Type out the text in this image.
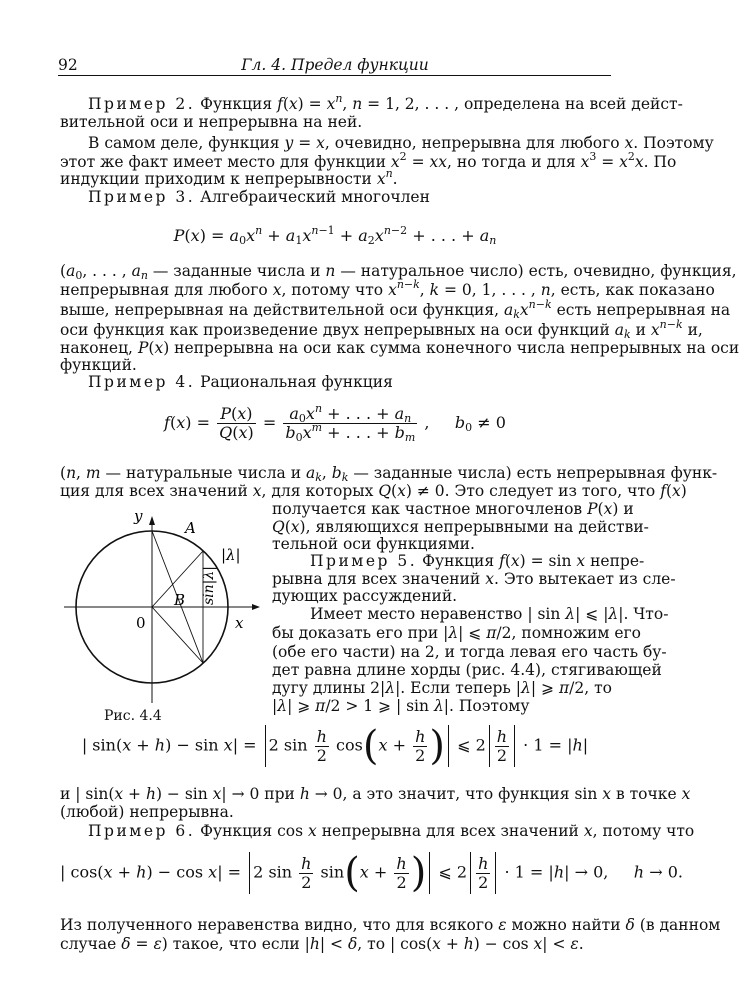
92	Гл. 4. Предел функции
Пример 2. Функция $f(x) = x^n$, n = 1, 2, . . . , определена на всей дейст-
вительной оси и непрерывна на ней.
В самом деле, функция y = x, очевидно, непрерывна для любого x. Поэтому
этот же факт имеет место для функции $x^2$ = xx, но тогда и для $x^3 = x^2x$. По
индукции приходим к непрерывности $x^n$.
Пример 3. Алгебраический многочлен
$P(x) = a_0x^n + a_1x^{n-1} + a_2x^{n-2}$ + . . . + $a_n$
($a_0$, . . . , $a_n$ — заданные числа и n — натуральное число) есть, очевидно, функция,
непрерывная для любого x, потому что $x^{n-k}$, k = 0, 1, . . . , n, есть, как показано
выше, непрерывная на действительной оси функция, $a_kx^{n-k}$ есть непрерывная на
оси функция как произведение двух непрерывных на оси функций $a_k$ и $x^{n-k}$ и,
наконец, P(x) непрерывна на оси как сумма конечного числа непрерывных на оси
функций.
Пример 4. Рациональная функция
$f(x) = \frac{P(x)}{Q(x)} = \frac{a_0x^n + . . . + a_n}{b_0x^m + . . . + b_m}$ ,     $b_0 \ne 0$
(n, m — натуральные числа и $a_k$, $b_k$ — заданные числа) есть непрерывная функ-
ция для всех значений x, для которых Q(x) ≠ 0. Это следует из того, что f(x)
получается как частное многочленов P(x) и
Q(x), являющихся непрерывными на действи-
тельной оси функциями.
Пример 5. Функция f(x) = sin x непре-
рывна для всех значений x. Это вытекает из сле-
дующих рассуждений.
Имеет место неравенство | sin λ| ⩽ |λ|. Что-
бы доказать его при |λ| ⩽ π/2, помножим его
(обе его части) на 2, и тогда левая его часть бу-
дет равна длине хорды (рис. 4.4), стягивающей
дугу длины 2|λ|. Если теперь |λ| ⩾ π/2, то
|λ| ⩾ π/2 > 1 ⩾ | sin λ|. Поэтому
y
x
0
A
B
|λ|
sin|λ|
Рис. 4.4
| sin(x + h) − sin x| = 2 $\sin \frac{h}{2} \cos(x + \frac{h}{2}$ ) ⩽ $2 \frac{h}{2} \cdot 1 = |h|$
и | sin(x + h) − sin x| → 0 при h → 0, а это значит, что функция sin x в точке x
(любой) непрерывна.
Пример 6. Функция cos x непрерывна для всех значений x, потому что
| cos(x + h) − cos x| = 2 $\sin \frac{h}{2} \sin(x + \frac{h}{2}$ ) ⩽ $2 \frac{h}{2} \cdot 1 = |h| \to 0$,     h → 0.
Из полученного неравенства видно, что для всякого ε можно найти δ (в данном
случае δ = ε) такое, что если |h| < δ, то | cos(x + h) − cos x| < ε.
